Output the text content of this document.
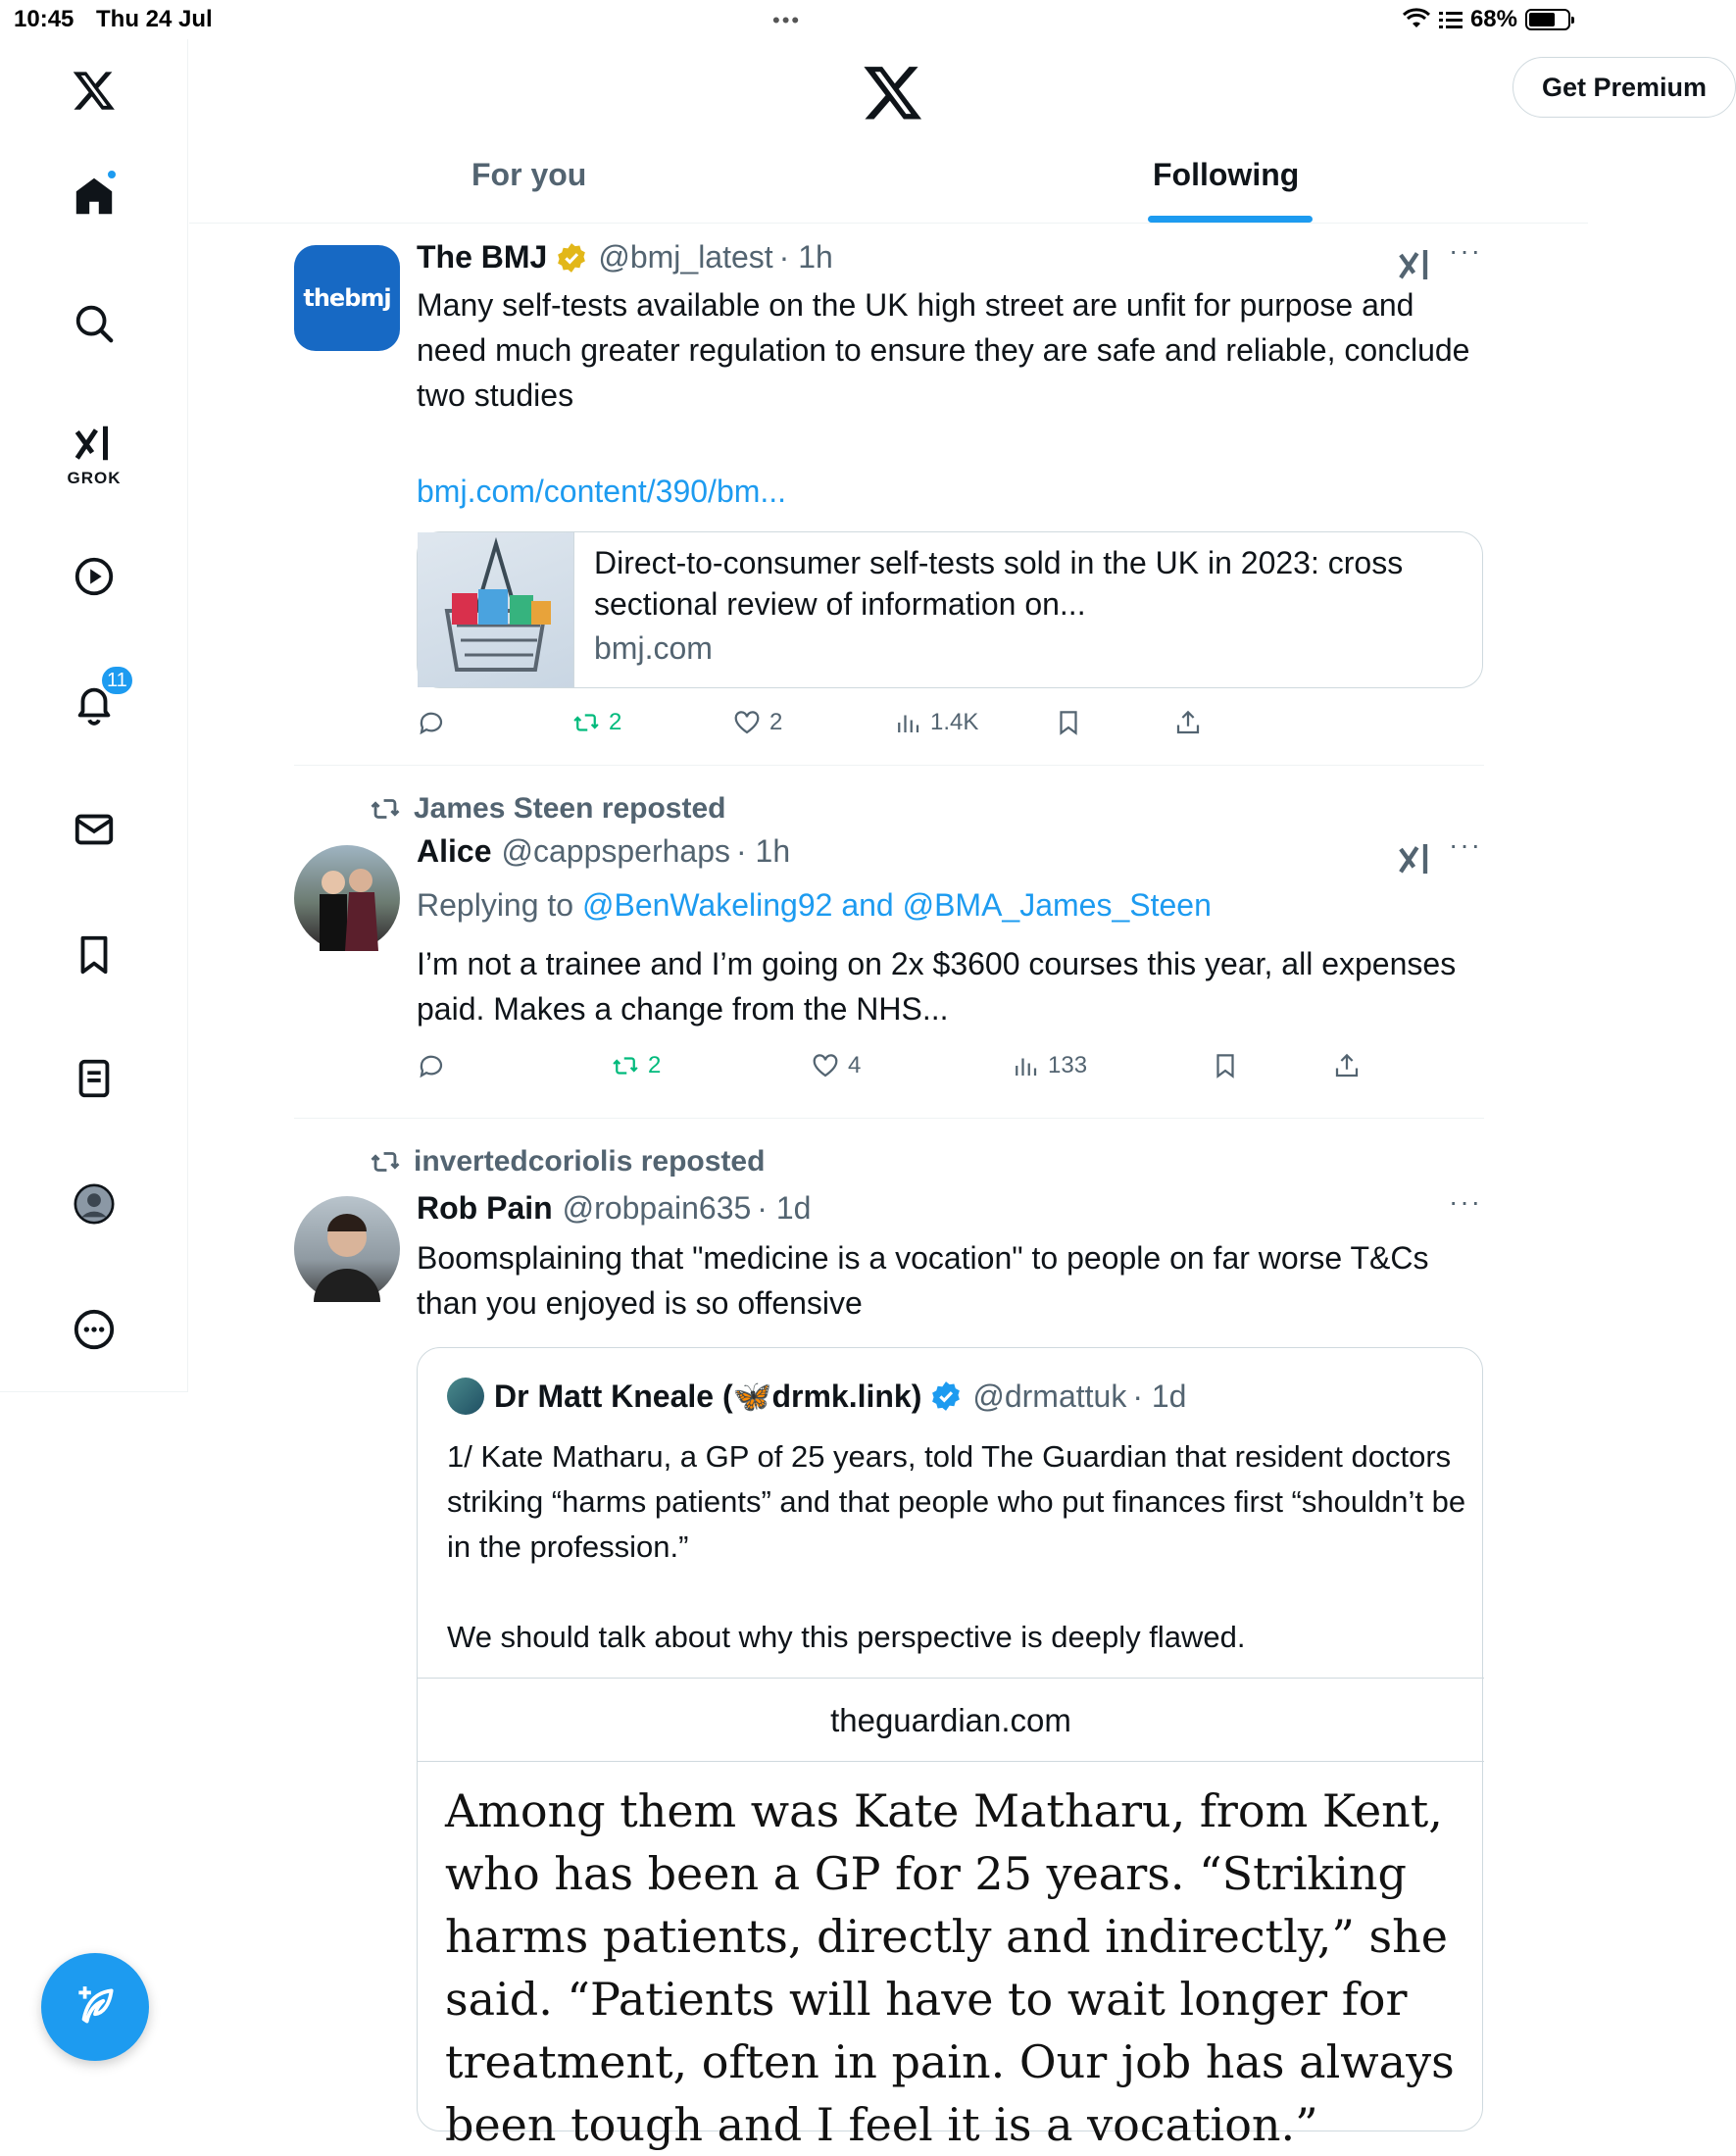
10:45 Thu 24 Jul	•••	68%
GROK
11
Get Premium
For you	Following
thebmj
The BMJ @bmj_latest · 1h	···
Many self-tests available on the UK high street are unfit for purpose and need much greater regulation to ensure they are safe and reliable, conclude two studies
bmj.com/content/390/bm...
Direct-to-consumer self-tests sold in the UK in 2023: cross sectional review of information on...
bmj.com
2	2	1.4K
James Steen reposted
Alice @cappsperhaps · 1h	···
Replying to @BenWakeling92 and @BMA_James_Steen
I’m not a trainee and I’m going on 2x $3600 courses this year, all expenses paid. Makes a change from the NHS...
2	4	133
invertedcoriolis reposted
Rob Pain @robpain635 · 1d	···
Boomsplaining that "medicine is a vocation" to people on far worse T&Cs than you enjoyed is so offensive
Dr Matt Kneale (🦋drmk.link) @drmattuk · 1d
1/ Kate Matharu, a GP of 25 years, told The Guardian that resident doctors striking “harms patients” and that people who put finances first “shouldn’t be in the profession.”
We should talk about why this perspective is deeply flawed.
theguardian.com
Among them was Kate Matharu, from Kent, who has been a GP for 25 years. “Striking harms patients, directly and indirectly,” she said. “Patients will have to wait longer for treatment, often in pain. Our job has always been tough and I feel it is a vocation.”
